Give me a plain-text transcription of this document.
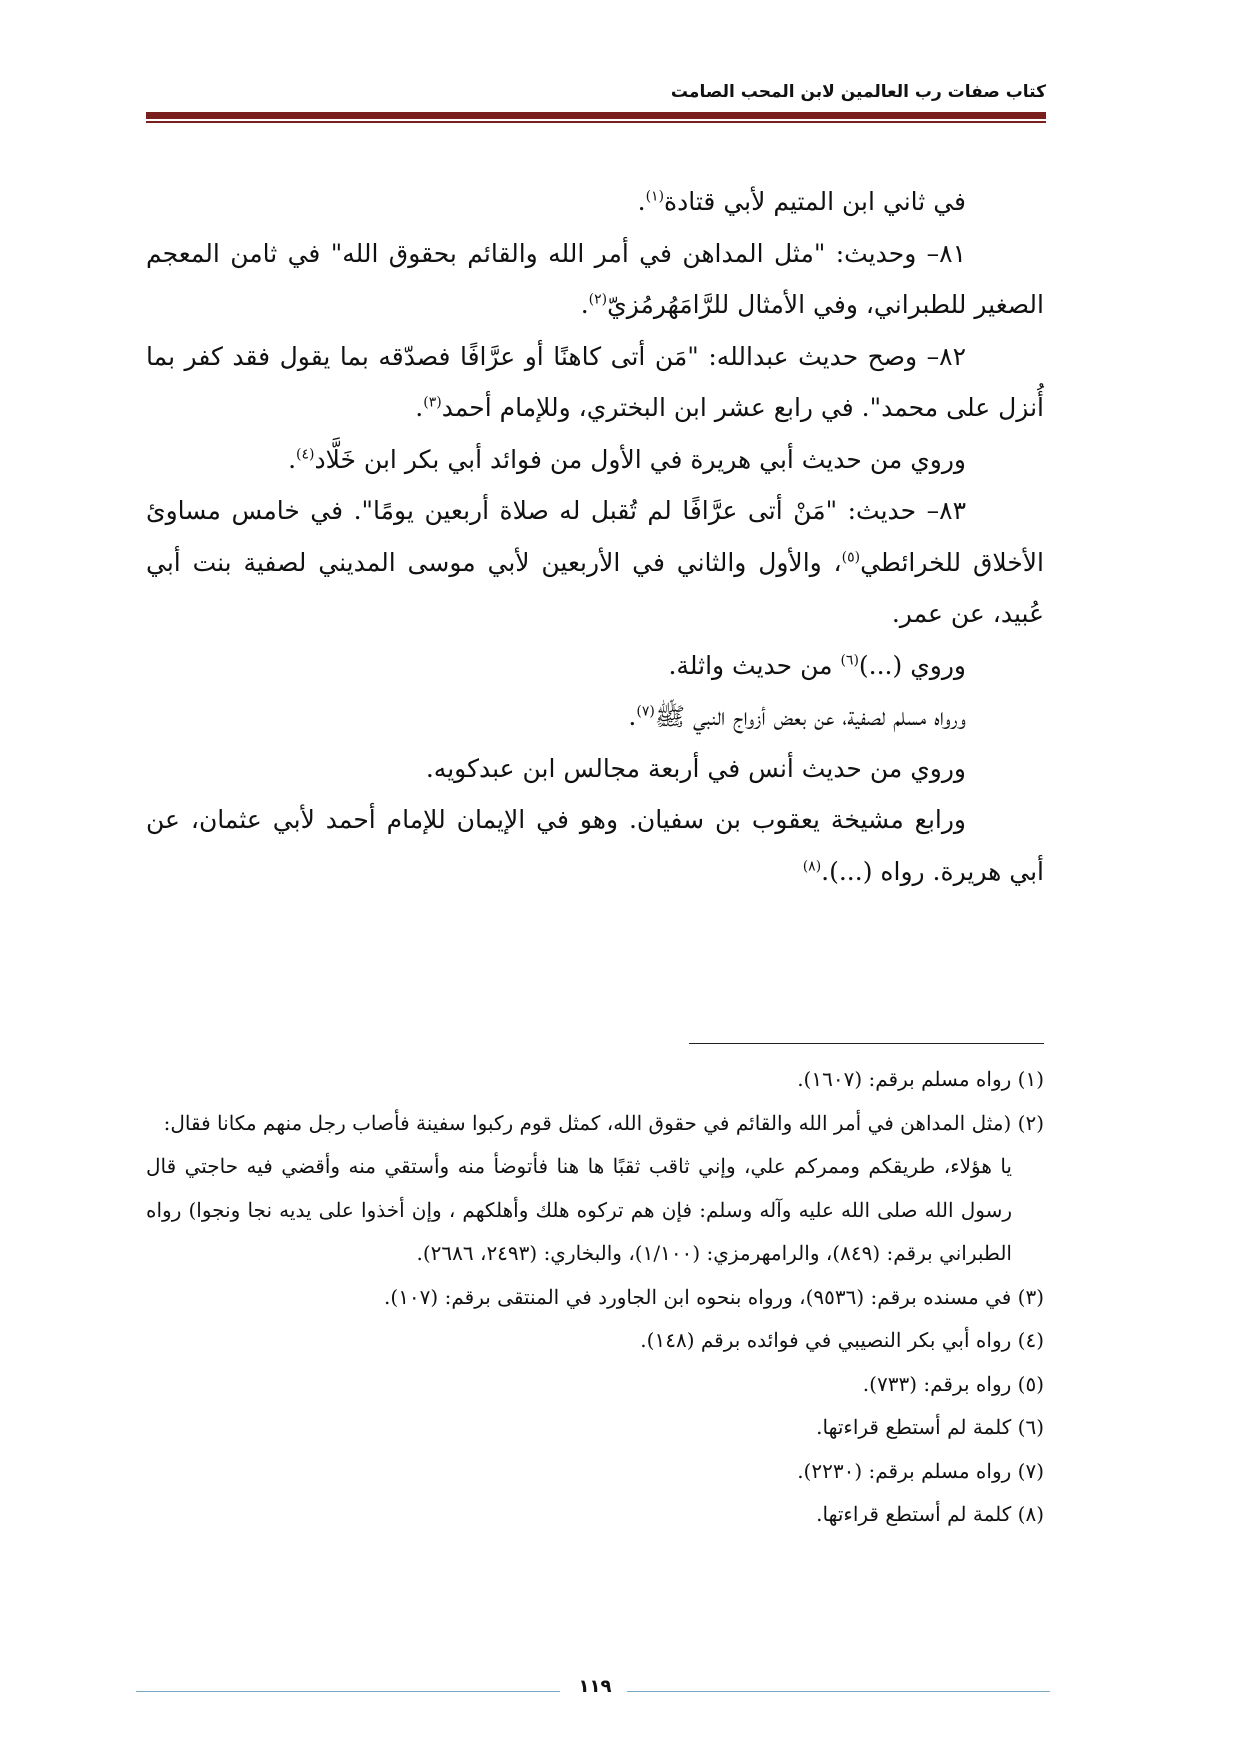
كتاب صفات رب العالمين لابن المحب الصامت

في ثاني ابن المتيم لأبي قتادة$^{(١)}$.

٨١– وحديث: "مثل المداهن في أمر الله والقائم بحقوق الله" في ثامن المعجم الصغير للطبراني، وفي الأمثال للرَّامَهُرمُزيّ$^{(٢)}$.

٨٢– وصح حديث عبدالله: "مَن أتى كاهنًا أو عرَّافًا فصدّقه بما يقول فقد كفر بما أُنزل على محمد". في رابع عشر ابن البختري، وللإمام أحمد$^{(٣)}$.

وروي من حديث أبي هريرة في الأول من فوائد أبي بكر ابن خَلَّاد$^{(٤)}$.

٨٣– حديث: "مَنْ أتى عرَّافًا لم تُقبل له صلاة أربعين يومًا". في خامس مساوئ الأخلاق للخرائطي$^{(٥)}$، والأول والثاني في الأربعين لأبي موسى المديني لصفية بنت أبي عُبيد، عن عمر.

وروي (...)$^{(٦)}$ من حديث واثلة.

ورواه مسلم لصفية، عن بعض أزواج النبي ﷺ$^{(٧)}$.

وروي من حديث أنس في أربعة مجالس ابن عبدكويه.

ورابع مشيخة يعقوب بن سفيان. وهو في الإيمان للإمام أحمد لأبي عثمان، عن أبي هريرة. رواه (...).$^{(٨)}$

(١) رواه مسلم برقم: (١٦٠٧).

(٢) (مثل المداهن في أمر الله والقائم في حقوق الله، كمثل قوم ركبوا سفينة فأصاب رجل منهم مكانا فقال:

يا هؤلاء، طريقكم وممركم علي، وإني ثاقب ثقبًا ها هنا فأتوضأ منه وأستقي منه وأقضي فيه حاجتي قال رسول الله صلى الله عليه وآله وسلم: فإن هم تركوه هلك وأهلكهم ، وإن أخذوا على يديه نجا ونجوا) رواه الطبراني برقم: (٨٤٩)، والرامهرمزي: (١/١٠٠)، والبخاري: (٢٤٩٣، ٢٦٨٦).

(٣) في مسنده برقم: (٩٥٣٦)، ورواه بنحوه ابن الجاورد في المنتقى برقم: (١٠٧).

(٤) رواه أبي بكر النصيبي في فوائده برقم (١٤٨).

(٥) رواه برقم: (٧٣٣).

(٦) كلمة لم أستطع قراءتها.

(٧) رواه مسلم برقم: (٢٢٣٠).

(٨) كلمة لم أستطع قراءتها.

١١٩
